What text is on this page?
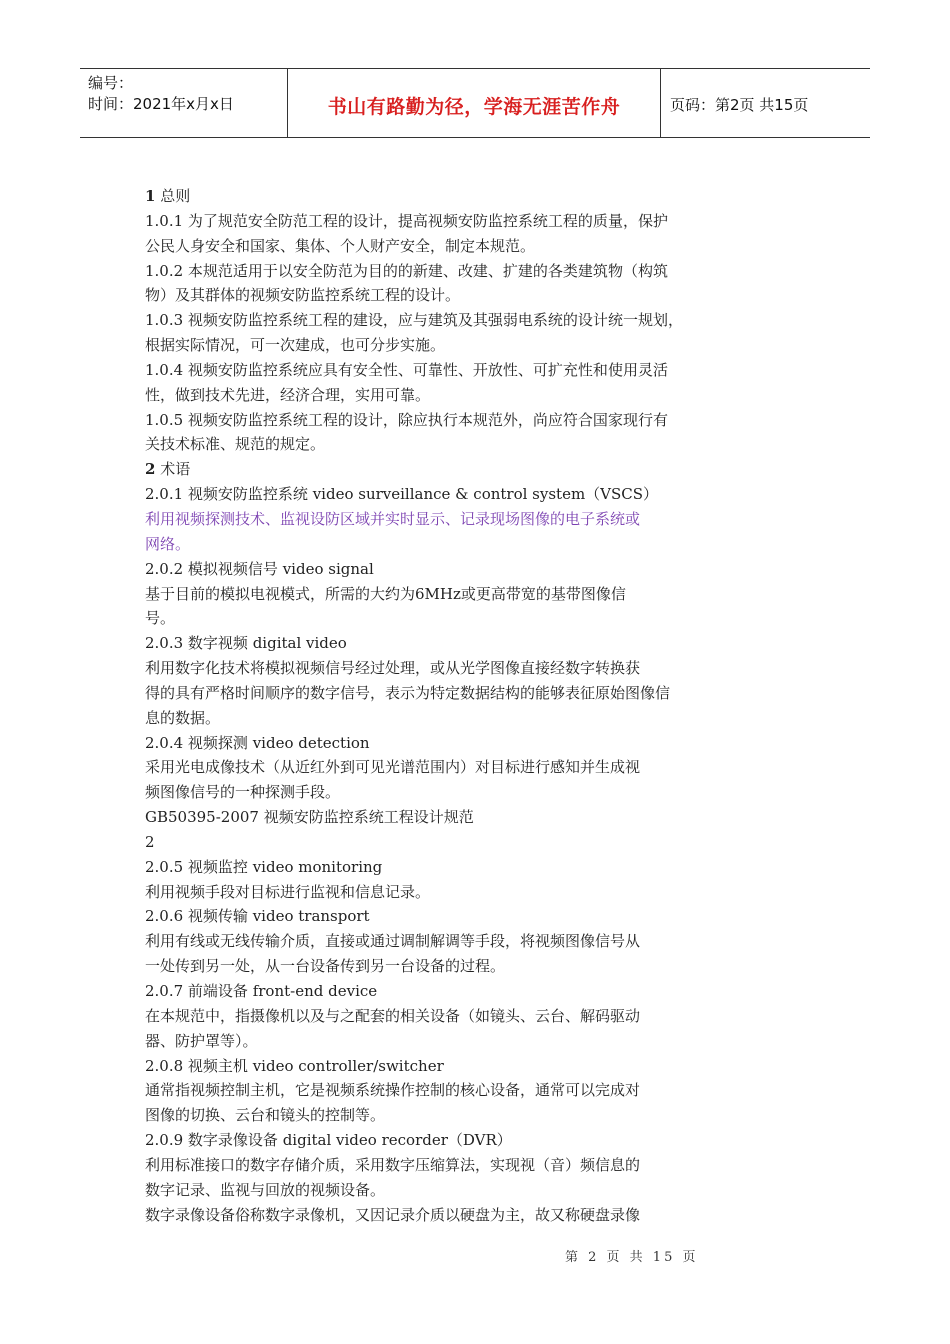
编号：
时间：2021年x月x日	书山有路勤为径，学海无涯苦作舟	页码：第2页 共15页
1 总则
1.0.1 为了规范安全防范工程的设计，提高视频安防监控系统工程的质量，保护
公民人身安全和国家、集体、个人财产安全，制定本规范。
1.0.2 本规范适用于以安全防范为目的的新建、改建、扩建的各类建筑物（构筑
物）及其群体的视频安防监控系统工程的设计。
1.0.3 视频安防监控系统工程的建设，应与建筑及其强弱电系统的设计统一规划，
根据实际情况，可一次建成，也可分步实施。
1.0.4 视频安防监控系统应具有安全性、可靠性、开放性、可扩充性和使用灵活
性，做到技术先进，经济合理，实用可靠。
1.0.5 视频安防监控系统工程的设计，除应执行本规范外，尚应符合国家现行有
关技术标准、规范的规定。
2 术语
2.0.1 视频安防监控系统 video surveillance & control system（VSCS）
利用视频探测技术、监视设防区域并实时显示、记录现场图像的电子系统或
网络。
2.0.2 模拟视频信号 video signal
基于目前的模拟电视模式，所需的大约为6MHz或更高带宽的基带图像信
号。
2.0.3 数字视频 digital video
利用数字化技术将模拟视频信号经过处理，或从光学图像直接经数字转换获
得的具有严格时间顺序的数字信号，表示为特定数据结构的能够表征原始图像信
息的数据。
2.0.4 视频探测 video detection
采用光电成像技术（从近红外到可见光谱范围内）对目标进行感知并生成视
频图像信号的一种探测手段。
GB50395-2007 视频安防监控系统工程设计规范
2
2.0.5 视频监控 video monitoring
利用视频手段对目标进行监视和信息记录。
2.0.6 视频传输 video transport
利用有线或无线传输介质，直接或通过调制解调等手段，将视频图像信号从
一处传到另一处，从一台设备传到另一台设备的过程。
2.0.7 前端设备 front-end device
在本规范中，指摄像机以及与之配套的相关设备（如镜头、云台、解码驱动
器、防护罩等）。
2.0.8 视频主机 video controller/switcher
通常指视频控制主机，它是视频系统操作控制的核心设备，通常可以完成对
图像的切换、云台和镜头的控制等。
2.0.9 数字录像设备 digital video recorder（DVR）
利用标准接口的数字存储介质，采用数字压缩算法，实现视（音）频信息的
数字记录、监视与回放的视频设备。
数字录像设备俗称数字录像机，又因记录介质以硬盘为主，故又称硬盘录像
第 2 页 共 15 页
